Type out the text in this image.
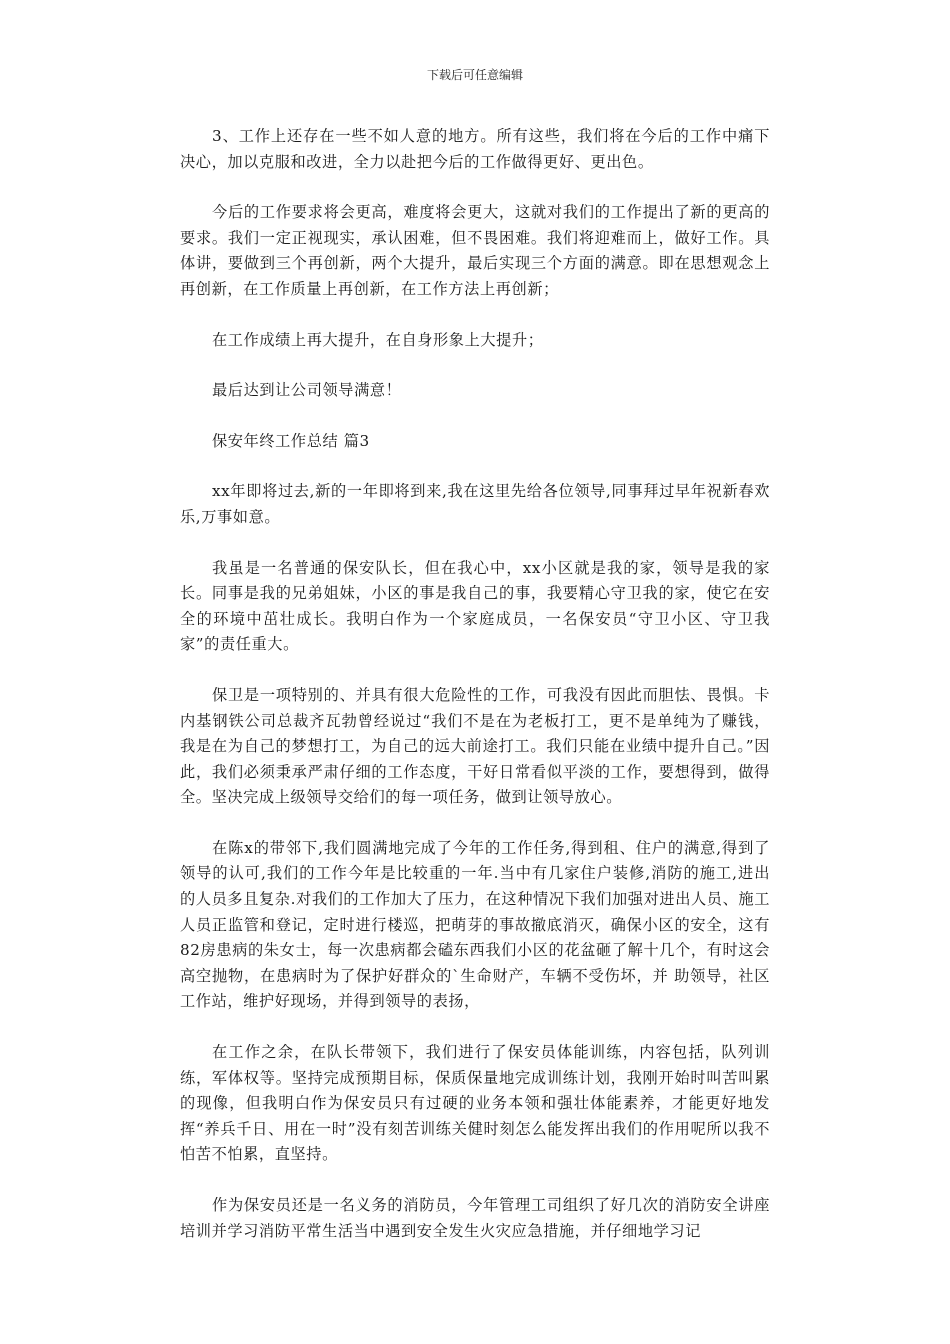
下载后可任意编辑

3、工作上还存在一些不如人意的地方。所有这些，我们将在今后的工作中痛下决心，加以克服和改进，全力以赴把今后的工作做得更好、更出色。

今后的工作要求将会更高，难度将会更大，这就对我们的工作提出了新的更高的要求。我们一定正视现实，承认困难，但不畏困难。我们将迎难而上，做好工作。具体讲，要做到三个再创新，两个大提升，最后实现三个方面的满意。即在思想观念上再创新，在工作质量上再创新，在工作方法上再创新；

在工作成绩上再大提升，在自身形象上大提升；

最后达到让公司领导满意！

保安年终工作总结 篇3

xx年即将过去,新的一年即将到来,我在这里先给各位领导,同事拜过早年祝新春欢乐,万事如意。

我虽是一名普通的保安队长，但在我心中，xx小区就是我的家，领导是我的家长。同事是我的兄弟姐妹，小区的事是我自己的事，我要精心守卫我的家，使它在安全的环境中茁壮成长。我明白作为一个家庭成员，一名保安员“守卫小区、守卫我家”的责任重大。

保卫是一项特别的、并具有很大危险性的工作，可我没有因此而胆怯、畏惧。卡内基钢铁公司总裁齐瓦勃曾经说过“我们不是在为老板打工，更不是单纯为了赚钱，我是在为自己的梦想打工，为自己的远大前途打工。我们只能在业绩中提升自己。”因此，我们必须秉承严肃仔细的工作态度，干好日常看似平淡的工作，要想得到，做得全。坚决完成上级领导交给们的每一项任务，做到让领导放心。

在陈x的带邻下,我们圆满地完成了今年的工作任务,得到租、住户的满意,得到了领导的认可,我们的工作今年是比较重的一年.当中有几家住户装修,消防的施工,进出的人员多且复杂.对我们的工作加大了压力，在这种情况下我们加强对进出人员、施工人员正监管和登记，定时进行楼巡，把萌芽的事故撤底消灭，确保小区的安全，这有82房患病的朱女士，每一次患病都会磕东西我们小区的花盆砸了解十几个，有时这会高空抛物，在患病时为了保护好群众的`生命财产，车辆不受伤坏，并 助领导，社区工作站，维护好现场，并得到领导的表扬，

在工作之余，在队长带领下，我们进行了保安员体能训练，内容包括，队列训练，军体权等。坚持完成预期目标，保质保量地完成训练计划，我刚开始时叫苦叫累的现像，但我明白作为保安员只有过硬的业务本领和强壮体能素养，才能更好地发挥“养兵千日、用在一时”没有刻苦训练关健时刻怎么能发挥出我们的作用呢所以我不怕苦不怕累，直坚持。

作为保安员还是一名义务的消防员，今年管理工司组织了好几次的消防安全讲座培训并学习消防平常生活当中遇到安全发生火灾应急措施，并仔细地学习记
